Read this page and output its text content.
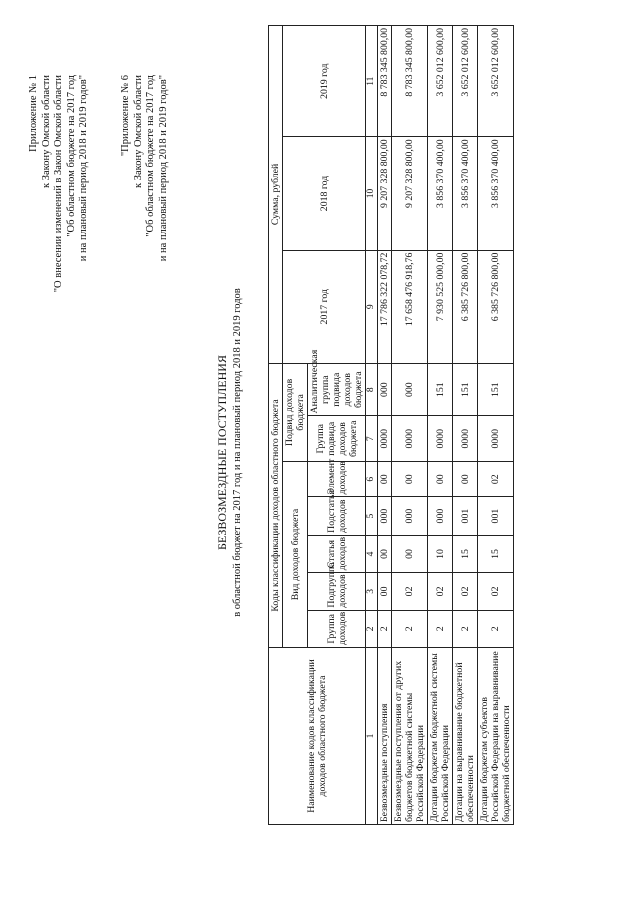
Приложение № 1 к Закону Омской области "О внесении изменений в Закон Омской области "Об областном бюджете на 2017 год и на плановый период 2018 и 2019 годов"	"Приложение № 6 к Закону Омской области "Об областном бюджете на 2017 год и на плановый период 2018 и 2019 годов"
БЕЗВОЗМЕЗДНЫЕ ПОСТУПЛЕНИЯ в областной бюджет на 2017 год и на плановый период 2018 и 2019 годов
Наименование кодов классификации доходов областного бюджета	Коды классификации доходов областного бюджета							Сумма, рублей		
	Вид доходов бюджета					Подвид доходов бюджета		2017 год	2018 год	2019 год
	Группа доходов	Подгруппа доходов	Статья доходов	Подстатья доходов	Элемент доходов	Группа подвида доходов бюджета	Аналитическая группа подвида доходов бюджета			
1	2	3	4	5	6	7	8	9	10	11
Безвозмездные поступления	2	00	00	000	00	0000	000	17 786 322 078,72	9 207 328 800,00	8 783 345 800,00
Безвозмездные поступления от других бюджетов бюджетной системы Российской Федерации	2	02	00	000	00	0000	000	17 658 476 918,76	9 207 328 800,00	8 783 345 800,00
Дотации бюджетам бюджетной системы Российской Федерации	2	02	10	000	00	0000	151	7 930 525 000,00	3 856 370 400,00	3 652 012 600,00
Дотации на выравнивание бюджетной обеспеченности	2	02	15	001	00	0000	151	6 385 726 800,00	3 856 370 400,00	3 652 012 600,00
Дотации бюджетам субъектов Российской Федерации на выравнивание бюджетной обеспеченности	2	02	15	001	02	0000	151	6 385 726 800,00	3 856 370 400,00	3 652 012 600,00
